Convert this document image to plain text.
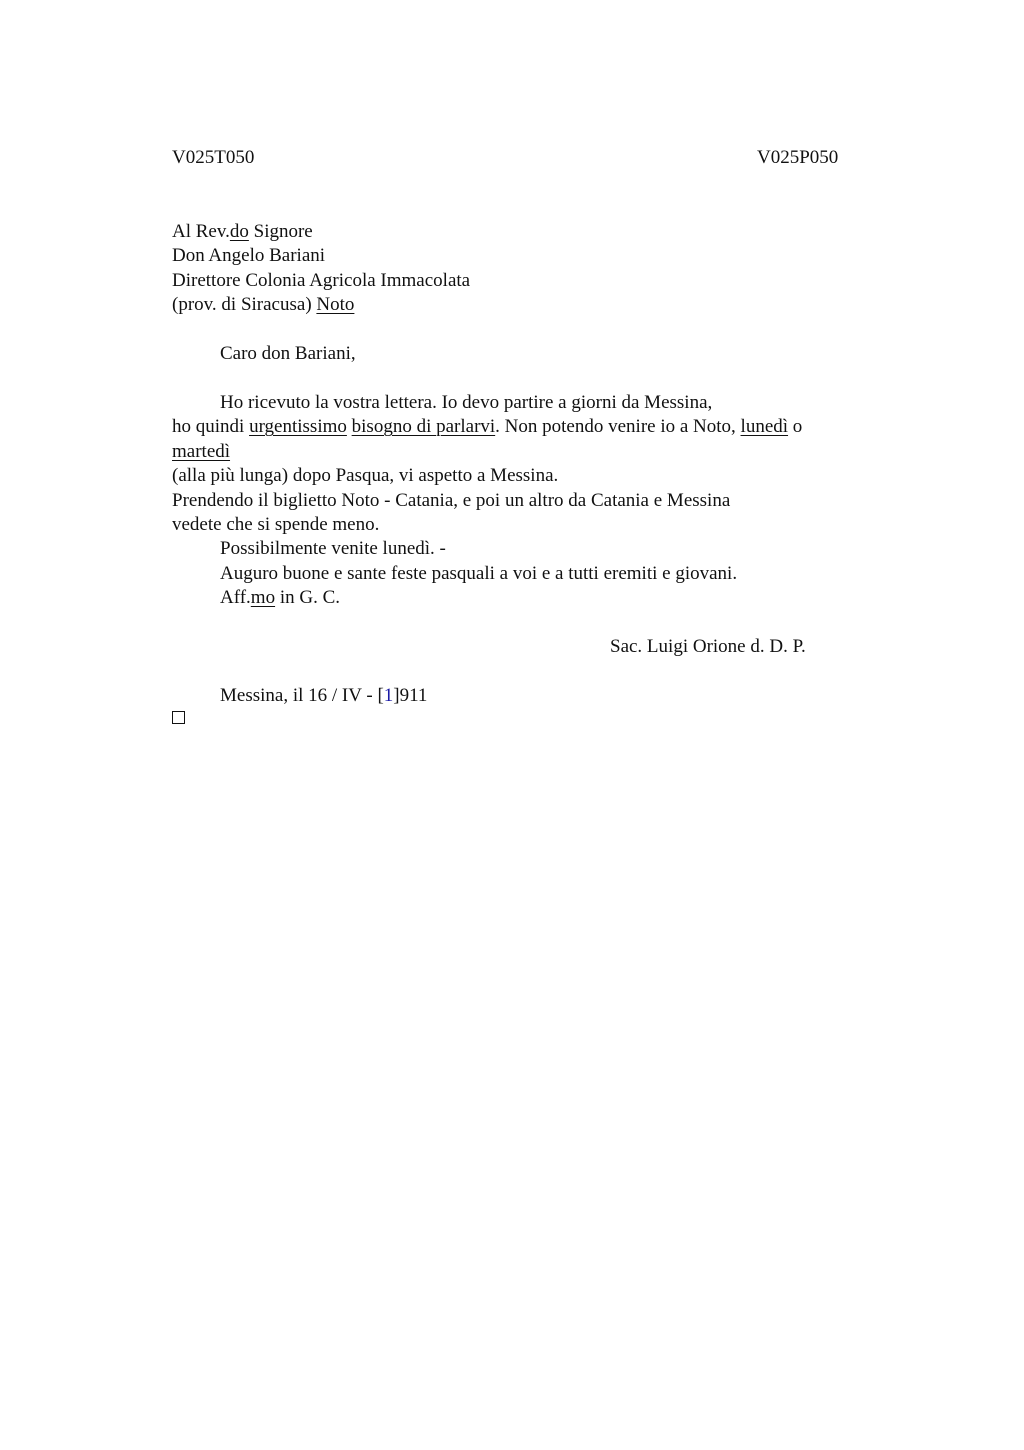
V025T050	V025P050
Al Rev.do Signore
Don Angelo Bariani
Direttore Colonia Agricola Immacolata
(prov. di Siracusa) Noto
Caro don Bariani,
Ho ricevuto la vostra lettera. Io devo partire a giorni da Messina,
ho quindi urgentissimo bisogno di parlarvi. Non potendo venire io a Noto, lunedì o
martedì
(alla più lunga) dopo Pasqua, vi aspetto a Messina.
Prendendo il biglietto Noto - Catania, e poi un altro da Catania e Messina
vedete che si spende meno.
Possibilmente venite lunedì. -
Auguro buone e sante feste pasquali a voi e a tutti eremiti e giovani.
Aff.mo in G. C.
Sac. Luigi Orione d. D. P.
Messina, il 16 / IV - [1]911
